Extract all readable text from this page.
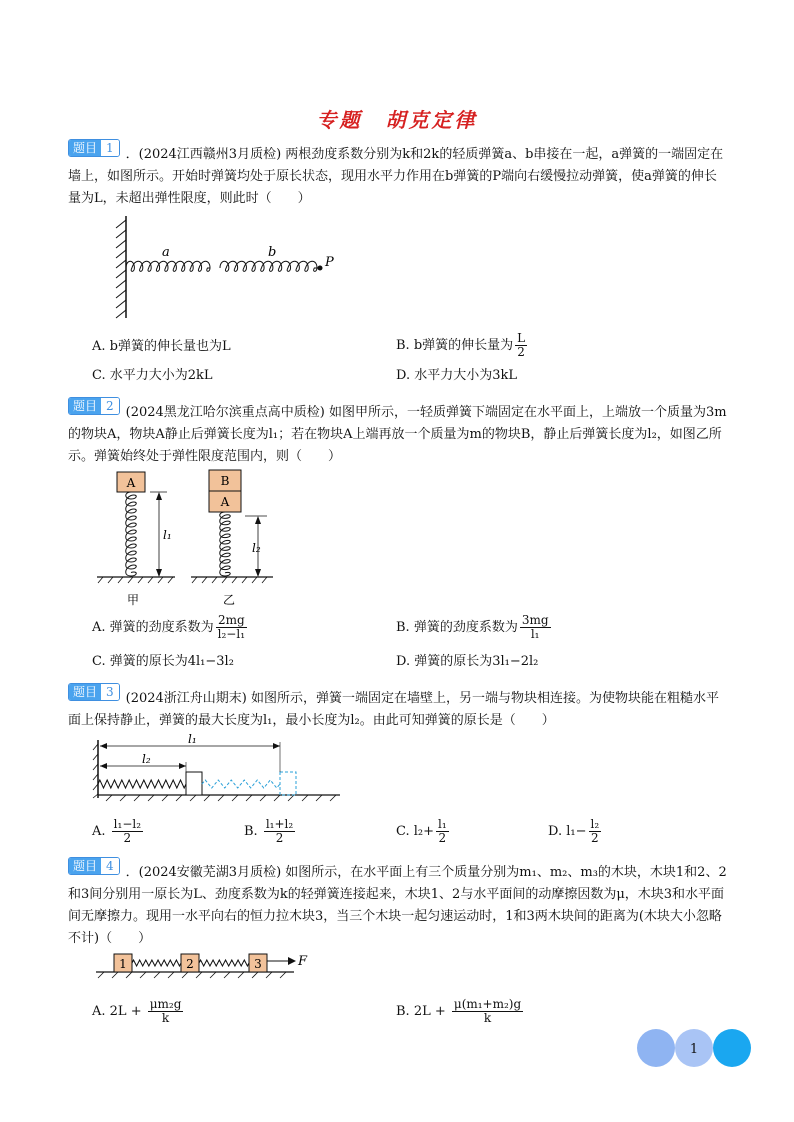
专题　胡克定律
题目 1 ．(2024江西赣州3月质检) 两根劲度系数分别为k和2k的轻质弹簧a、b串接在一起，a弹簧的一端固定在墙上，如图所示。开始时弹簧均处于原长状态，现用水平力作用在b弹簧的P端向右缓慢拉动弹簧，使a弹簧的伸长量为L，未超出弹性限度，则此时（　　）
a	b
P
A. b弹簧的伸长量也为L	B. b弹簧的伸长量为 $\frac{L}{2}$
C. 水平力大小为2kL	D. 水平力大小为3kL
题目 2 (2024黑龙江哈尔滨重点高中质检) 如图甲所示，一轻质弹簧下端固定在水平面上，上端放一个质量为3m的物块A，物块A静止后弹簧长度为l₁；若在物块A上端再放一个质量为m的物块B，静止后弹簧长度为l₂，如图乙所示。弹簧始终处于弹性限度范围内，则（　　）
A
l₁
甲
B
A
l₂
乙
A. 弹簧的劲度系数为 $\frac{2mg}{\text{l₂−l₁}}$	B. 弹簧的劲度系数为 $\frac{3mg}{\text{l₁}}$
C. 弹簧的原长为4l₁−3l₂	D. 弹簧的原长为3l₁−2l₂
题目 3 (2024浙江舟山期末) 如图所示，弹簧一端固定在墙壁上，另一端与物块相连接。为使物块能在粗糙水平面上保持静止，弹簧的最大长度为l₁，最小长度为l₂。由此可知弹簧的原长是（　　）
l₁
l₂
A. $\frac{\text{l₁−l₂}}{2}$	B. $\frac{\text{l₁+l₂}}{2}$	C. $l_2+ \frac{\text{l₁}}{2}$	D. $l_1- \frac{\text{l₂}}{2}$
题目 4 ．(2024安徽芜湖3月质检) 如图所示，在水平面上有三个质量分别为m₁、m₂、m₃的木块，木块1和2、2和3间分别用一原长为L、劲度系数为k的轻弹簧连接起来，木块1、2与水平面间的动摩擦因数为μ，木块3和水平面间无摩擦力。现用一水平向右的恒力拉木块3，当三个木块一起匀速运动时，1和3两木块间的距离为(木块大小忽略不计)（　　）
1	2	3	F
A. $2L + \frac{\text{μm₂g}}{k}$	B. $2L + \frac{\text{μ(m₁+m₂)g}}{k}$
1
